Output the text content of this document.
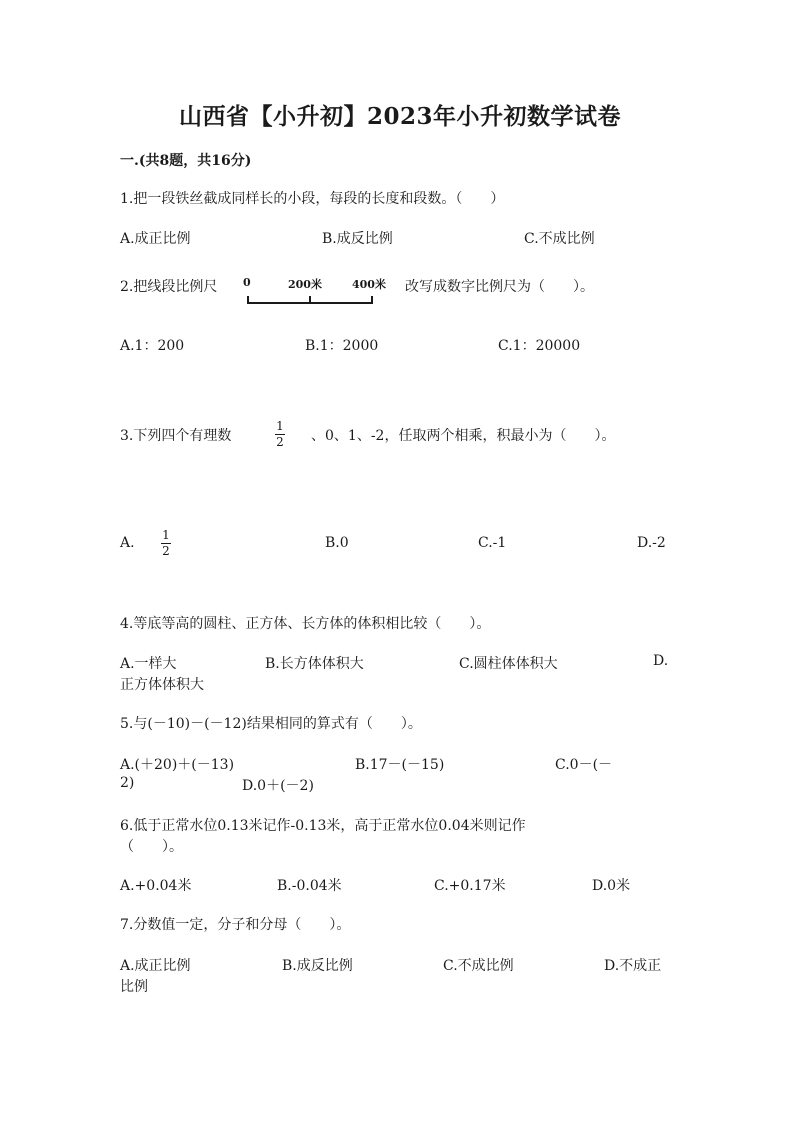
山西省【小升初】2023年小升初数学试卷
一.(共8题，共16分)
1.把一段铁丝截成同样长的小段，每段的长度和段数。（　　）
A.成正比例	B.成反比例	C.不成比例
2.把线段比例尺 0	200米	400米 改写成数字比例尺为（　　）。
A.1：200	B.1：2000	C.1：20000
3.下列四个有理数
1
2 、0、1、-2，任取两个相乘，积最小为（　　）。
A. 1
2	B.0	C.-1	D.-2
4.等底等高的圆柱、正方体、长方体的体积相比较（　　）。
A.一样大	B.长方体体积大	C.圆柱体体积大	D.
正方体体积大
5.与(－10)－(－12)结果相同的算式有（　　）。
A.(＋20)＋(－13)	B.17－(－15)	C.0－(－
2)	D.0＋(－2)
6.低于正常水位0.13米记作-0.13米，高于正常水位0.04米则记作
（　　）。
A.+0.04米	B.-0.04米	C.+0.17米	D.0米
7.分数值一定，分子和分母（　　）。
A.成正比例	B.成反比例	C.不成比例	D.不成正
比例
